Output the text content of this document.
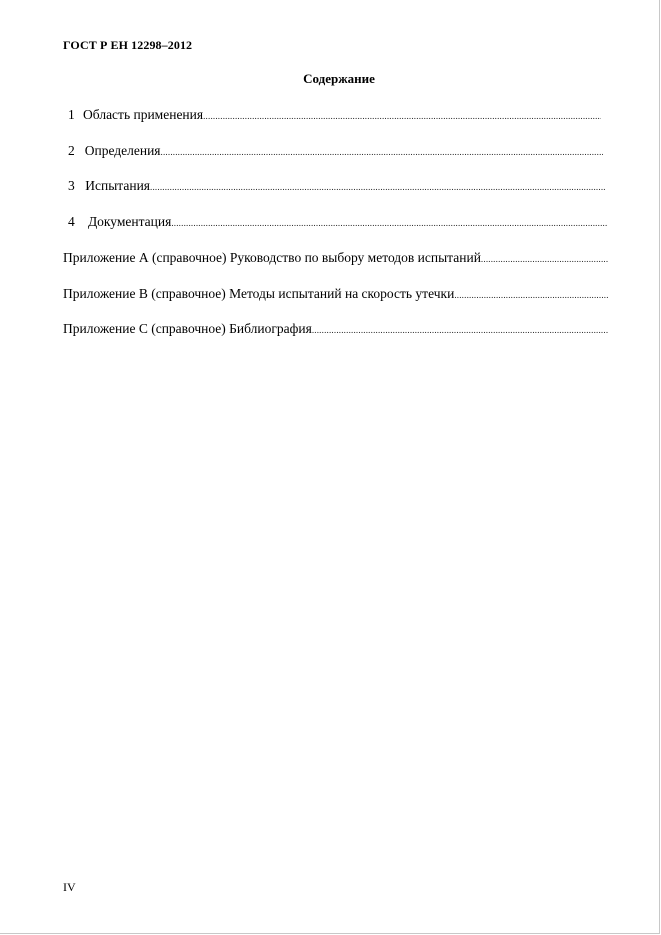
ГОСТ Р ЕН 12298–2012
Содержание
1 Область применения
.....
2 Определения
.....
3 Испытания
.....
4 Документация
.....
Приложение А (справочное) Руководство по выбору методов испытаний
.....
Приложение В (справочное) Методы испытаний на скорость утечки
.....
Приложение С (справочное) Библиография
.....
IV
